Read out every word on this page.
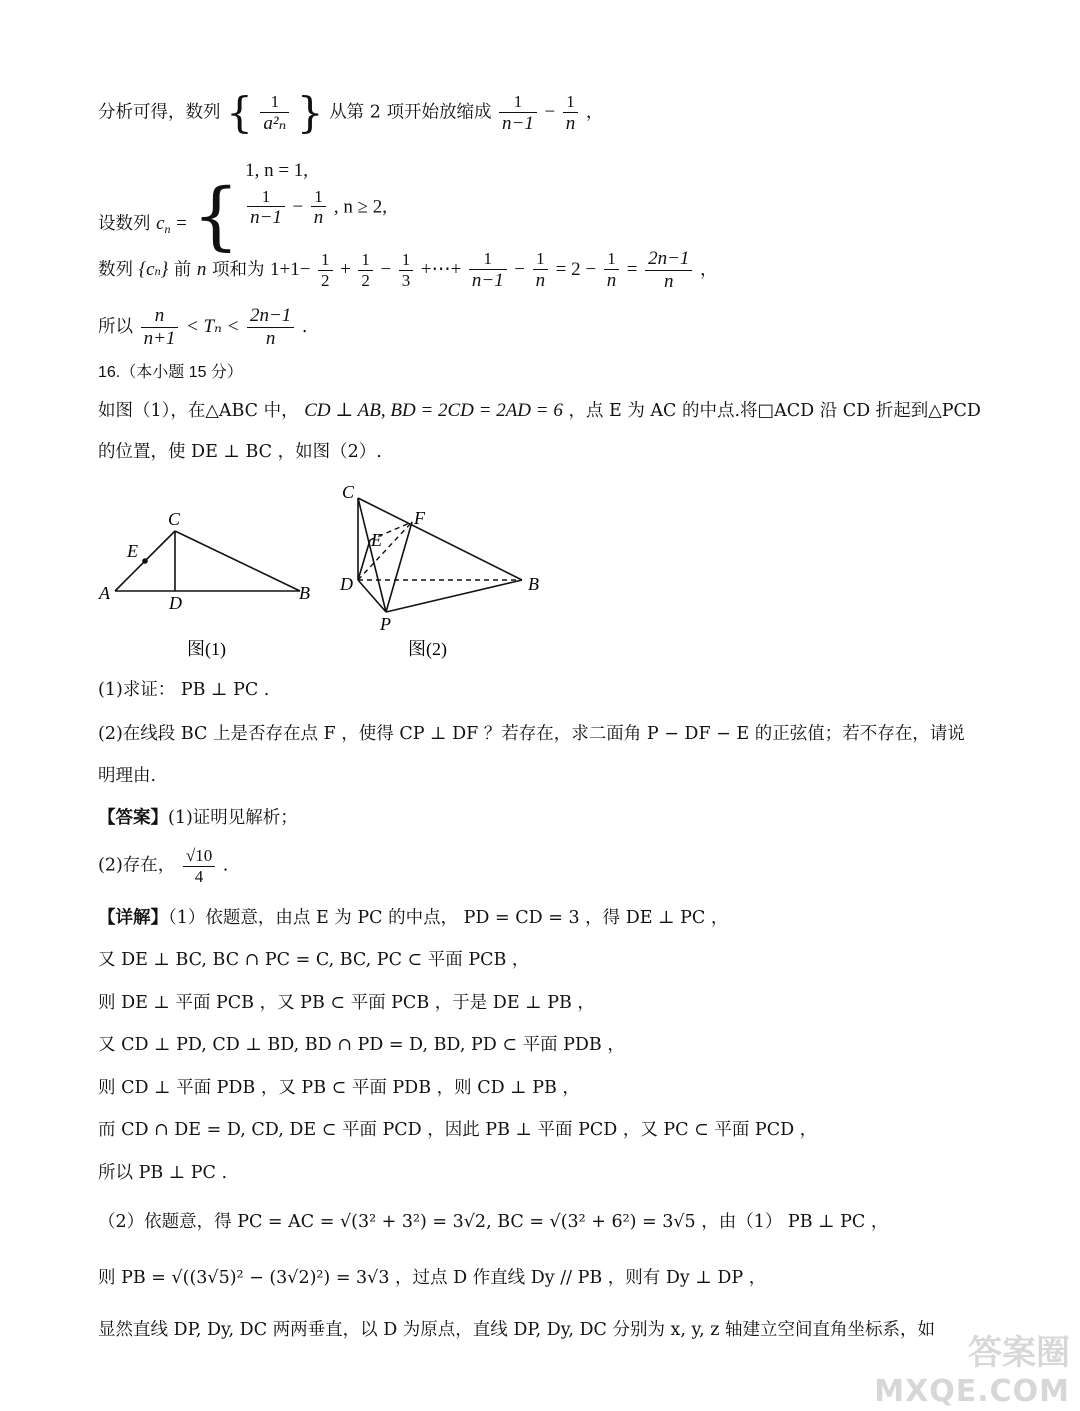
分析可得，数列 { $\frac{1}{\text{a²ₙ}}$ } 从第 2 项开始放缩成 $\frac{1}{n-1} - \frac{1}{n}$ ，
设数列 $c_n$ = {
1, n = 1,
$\frac{1}{n-1} - \frac{1}{n}$ , n ≥ 2,
数列 {cn} 前 n 项和为 $1+1- \frac{1}{2} + \frac{1}{2} - \frac{1}{3}$ +⋯+ $\frac{1}{n-1} - \frac{1}{n} = 2 - \frac{1}{n} = \frac{2n-1}{n}$ ，
所以 $\frac{n}{n+1} < T_n < \frac{2n-1}{n}$ .
16.（本小题 15 分）
如图（1），在△ABC 中， CD ⊥ AB, BD = 2CD = 2AD = 6 ，点 E 为 AC 的中点.将□ACD 沿 CD 折起到△PCD
的位置，使 DE ⊥ BC ，如图（2）.
A	B
C
D
E
图(1)
C
F
E
D	B
P
图(2)
(1)求证： PB ⊥ PC .
(2)在线段 BC 上是否存在点 F ，使得 CP ⊥ DF ？若存在，求二面角 P − DF − E 的正弦值；若不存在，请说
明理由.
【答案】(1)证明见解析；
(2)存在， $\frac{√10}{4}$ .
【详解】（1）依题意，由点 E 为 PC 的中点， PD = CD = 3 ，得 DE ⊥ PC ，
又 DE ⊥ BC, BC ∩ PC = C, BC, PC ⊂ 平面 PCB ，
则 DE ⊥ 平面 PCB ，又 PB ⊂ 平面 PCB ，于是 DE ⊥ PB ，
又 CD ⊥ PD, CD ⊥ BD, BD ∩ PD = D, BD, PD ⊂ 平面 PDB ，
则 CD ⊥ 平面 PDB ，又 PB ⊂ 平面 PDB ，则 CD ⊥ PB ，
而 CD ∩ DE = D, CD, DE ⊂ 平面 PCD ，因此 PB ⊥ 平面 PCD ，又 PC ⊂ 平面 PCD ，
所以 PB ⊥ PC .
（2）依题意，得 PC = AC = √(3² + 3²) = 3√2, BC = √(3² + 6²) = 3√5 ，由（1） PB ⊥ PC ，
则 PB = √((3√5)² − (3√2)²) = 3√3 ，过点 D 作直线 Dy // PB ，则有 Dy ⊥ DP ，
显然直线 DP, Dy, DC 两两垂直，以 D 为原点，直线 DP, Dy, DC 分别为 x, y, z 轴建立空间直角坐标系，如
答案圈
MXQE.COM
